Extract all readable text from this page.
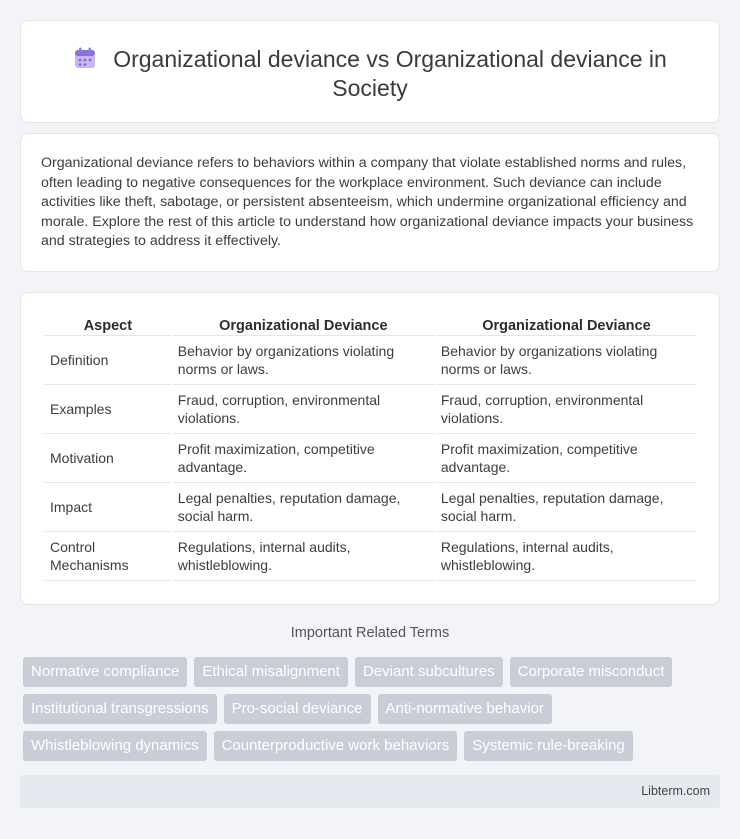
Organizational deviance vs Organizational deviance in Society

Organizational deviance refers to behaviors within a company that violate established norms and rules, often leading to negative consequences for the workplace environment. Such deviance can include activities like theft, sabotage, or persistent absenteeism, which undermine organizational efficiency and morale. Explore the rest of this article to understand how organizational deviance impacts your business and strategies to address it effectively.

Aspect	Organizational Deviance	Organizational Deviance
Definition	Behavior by organizations violating norms or laws.	Behavior by organizations violating norms or laws.
Examples	Fraud, corruption, environmental violations.	Fraud, corruption, environmental violations.
Motivation	Profit maximization, competitive advantage.	Profit maximization, competitive advantage.
Impact	Legal penalties, reputation damage, social harm.	Legal penalties, reputation damage, social harm.
Control Mechanisms	Regulations, internal audits, whistleblowing.	Regulations, internal audits, whistleblowing.
Important Related Terms
Normative compliance	Ethical misalignment	Deviant subcultures	Corporate misconduct
Institutional transgressions	Pro-social deviance	Anti-normative behavior
Whistleblowing dynamics	Counterproductive work behaviors	Systemic rule-breaking
Libterm.com
